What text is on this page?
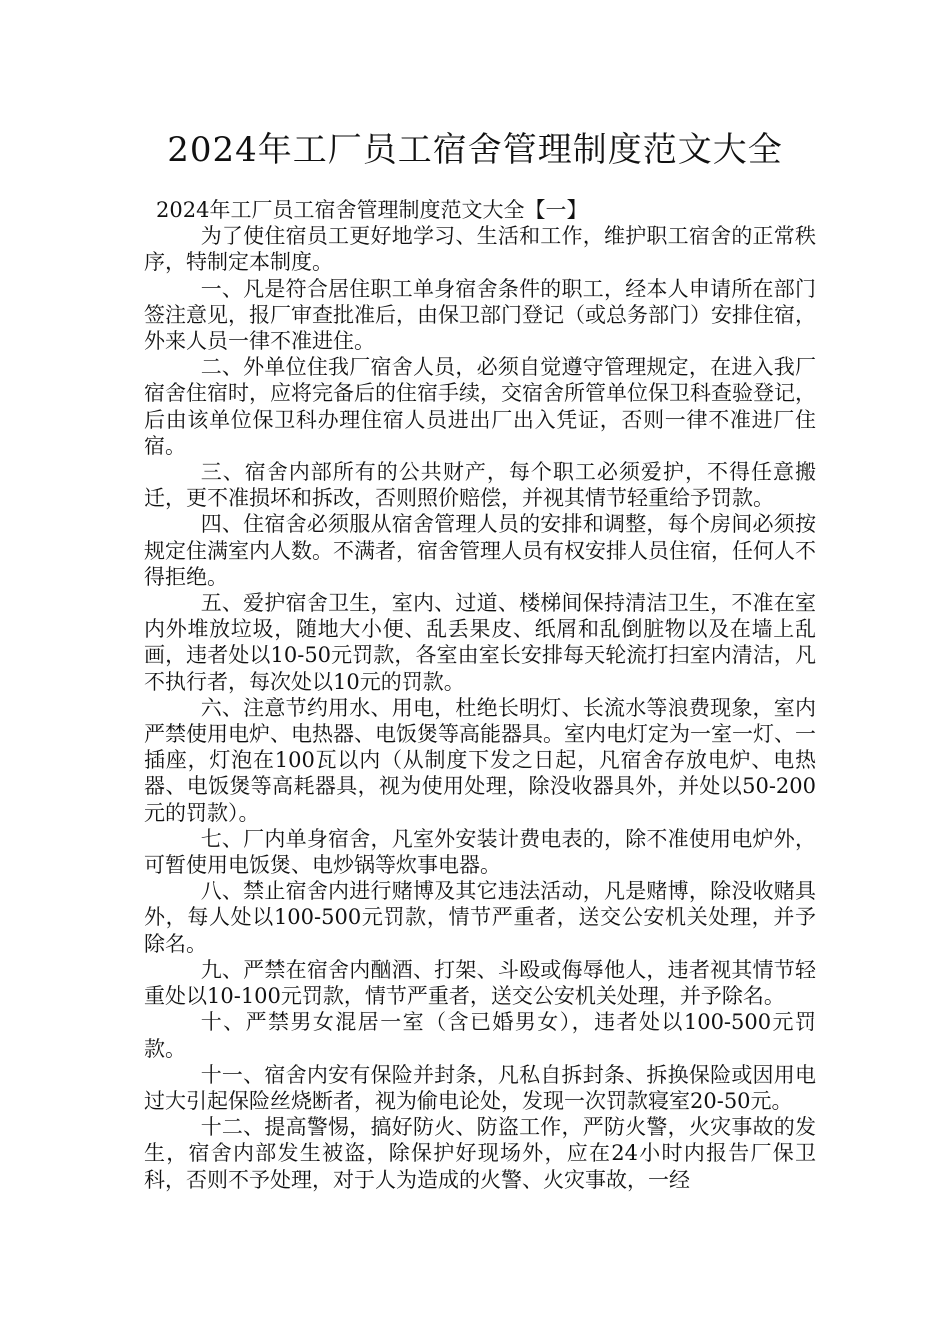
2024年工厂员工宿舍管理制度范文大全

2024年工厂员工宿舍管理制度范文大全【一】

为了使住宿员工更好地学习、生活和工作，维护职工宿舍的正常秩序，特制定本制度。

一、凡是符合居住职工单身宿舍条件的职工，经本人申请所在部门签注意见，报厂审查批准后，由保卫部门登记（或总务部门）安排住宿，外来人员一律不准进住。

二、外单位住我厂宿舍人员，必须自觉遵守管理规定，在进入我厂宿舍住宿时，应将完备后的住宿手续，交宿舍所管单位保卫科查验登记，后由该单位保卫科办理住宿人员进出厂出入凭证，否则一律不准进厂住宿。

三、宿舍内部所有的公共财产，每个职工必须爱护，不得任意搬迁，更不准损坏和拆改，否则照价赔偿，并视其情节轻重给予罚款。

四、住宿舍必须服从宿舍管理人员的安排和调整，每个房间必须按规定住满室内人数。不满者，宿舍管理人员有权安排人员住宿，任何人不得拒绝。

五、爱护宿舍卫生，室内、过道、楼梯间保持清洁卫生，不准在室内外堆放垃圾，随地大小便、乱丢果皮、纸屑和乱倒脏物以及在墙上乱画，违者处以10-50元罚款，各室由室长安排每天轮流打扫室内清洁，凡不执行者，每次处以10元的罚款。

六、注意节约用水、用电，杜绝长明灯、长流水等浪费现象，室内严禁使用电炉、电热器、电饭煲等高能器具。室内电灯定为一室一灯、一插座，灯泡在100瓦以内（从制度下发之日起，凡宿舍存放电炉、电热器、电饭煲等高耗器具，视为使用处理，除没收器具外，并处以50-200元的罚款）。

七、厂内单身宿舍，凡室外安装计费电表的，除不准使用电炉外，可暂使用电饭煲、电炒锅等炊事电器。

八、禁止宿舍内进行赌博及其它违法活动，凡是赌博，除没收赌具外，每人处以100-500元罚款，情节严重者，送交公安机关处理，并予除名。

九、严禁在宿舍内酗酒、打架、斗殴或侮辱他人，违者视其情节轻重处以10-100元罚款，情节严重者，送交公安机关处理，并予除名。

十、严禁男女混居一室（含已婚男女），违者处以100-500元罚款。

十一、宿舍内安有保险并封条，凡私自拆封条、拆换保险或因用电过大引起保险丝烧断者，视为偷电论处，发现一次罚款寝室20-50元。

十二、提高警惕，搞好防火、防盗工作，严防火警，火灾事故的发生，宿舍内部发生被盗，除保护好现场外，应在24小时内报告厂保卫科，否则不予处理，对于人为造成的火警、火灾事故，一经
